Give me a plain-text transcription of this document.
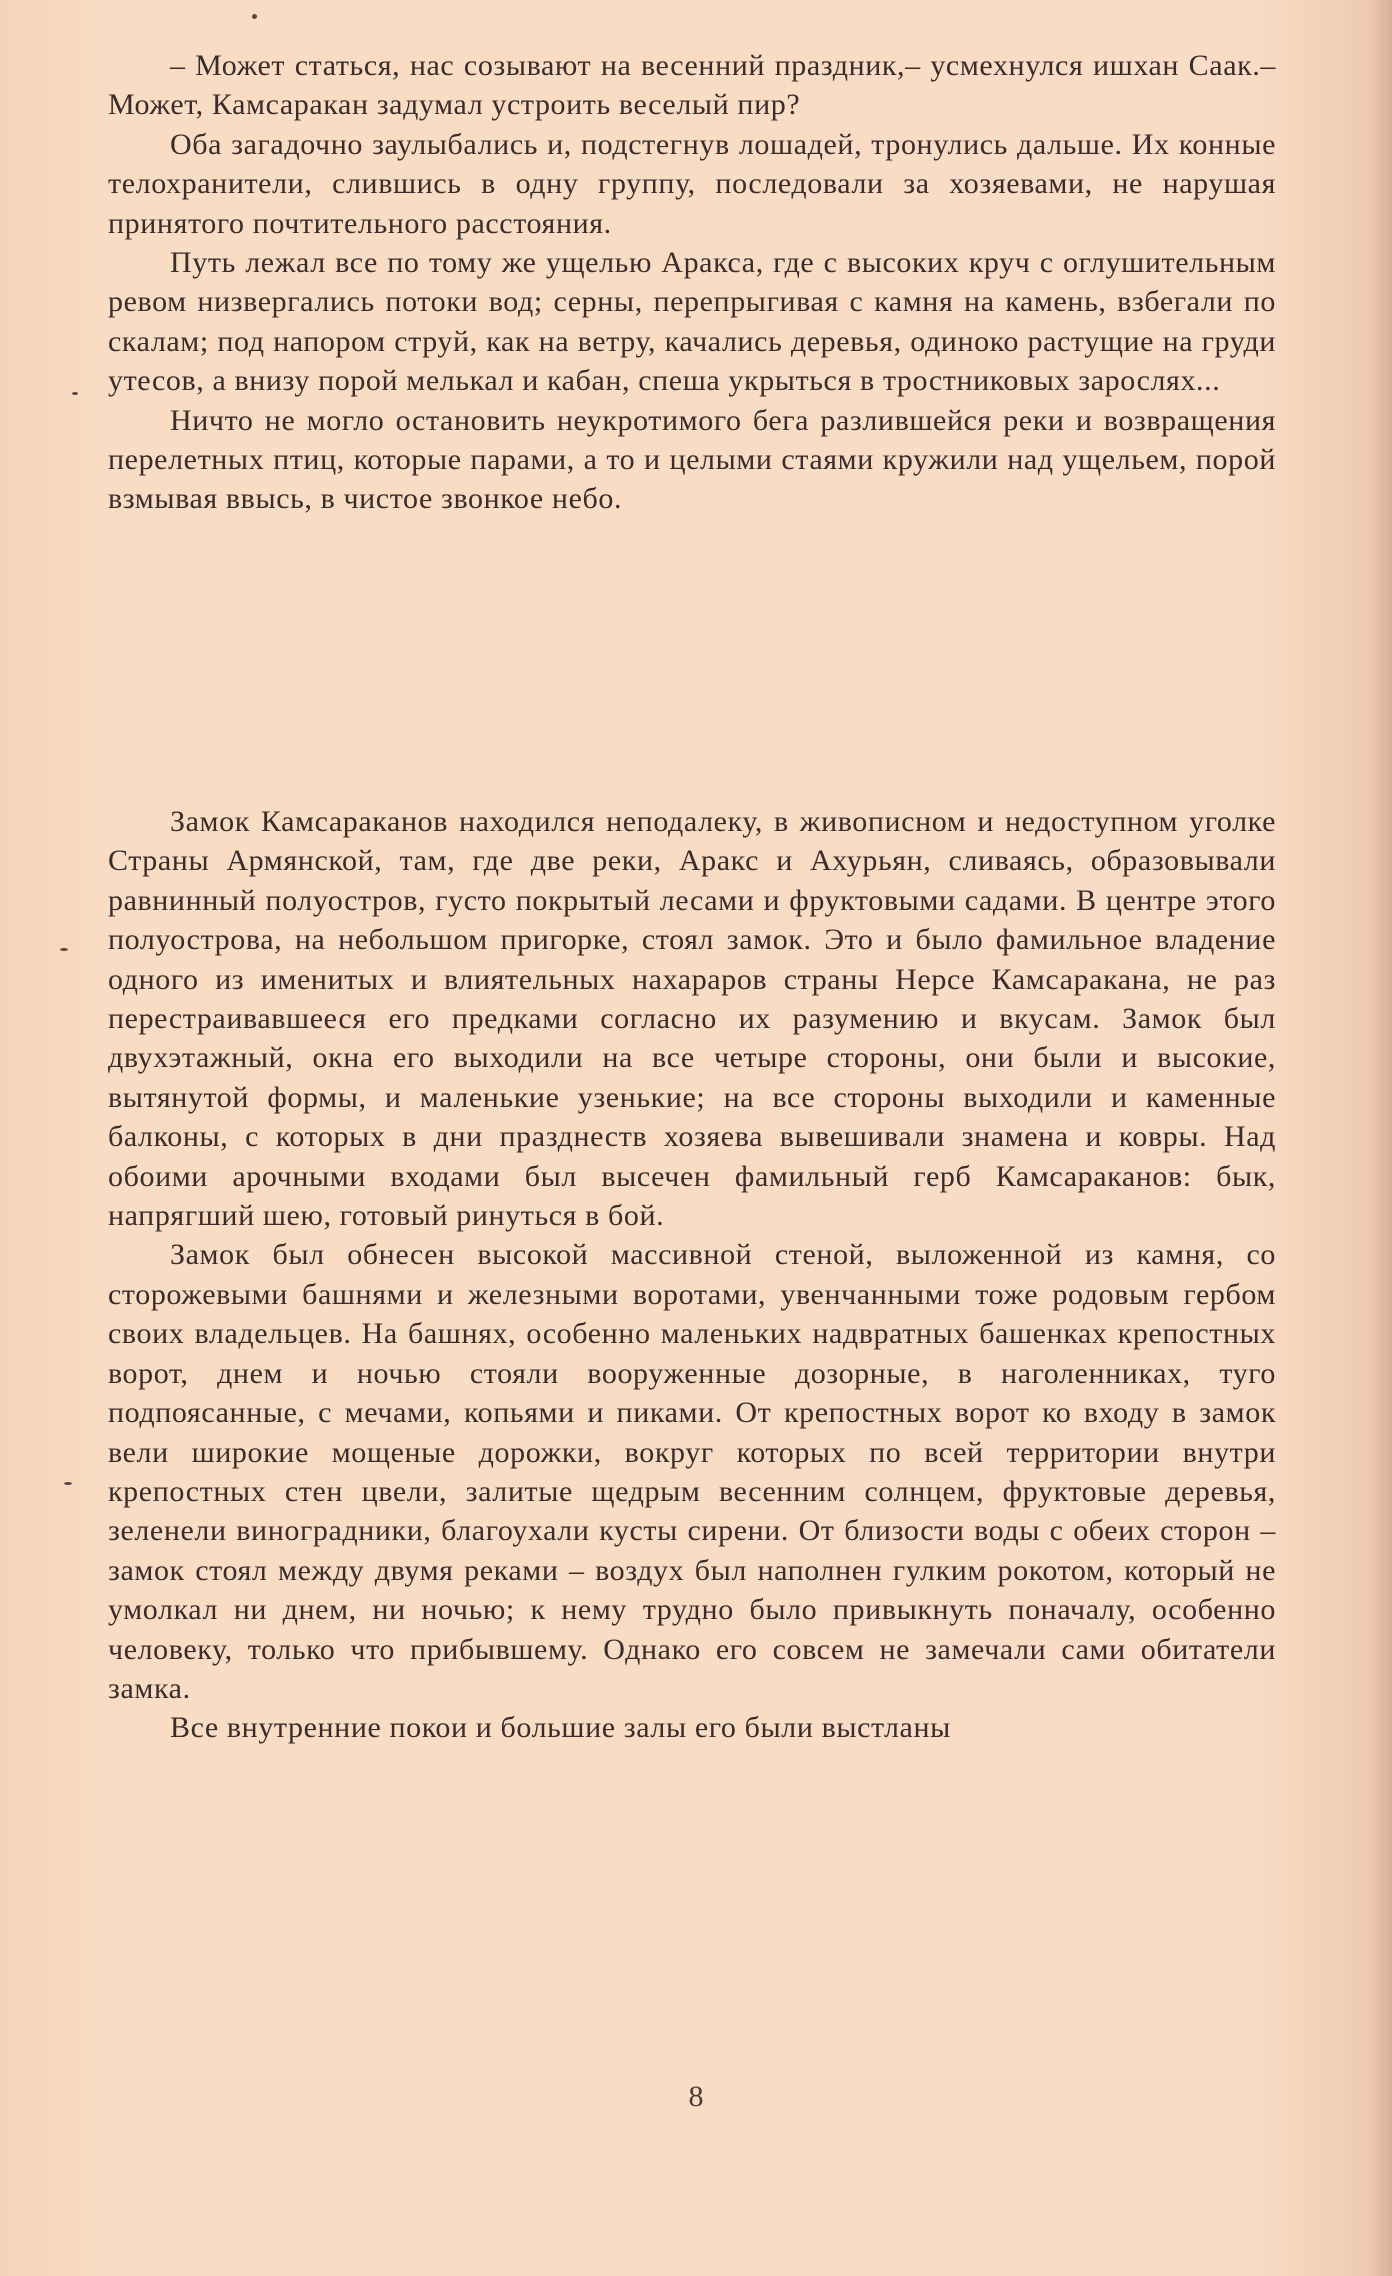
– Может статься, нас созывают на весенний праздник,– усмехнулся ишхан Саак.– Может, Камсаракан задумал устроить веселый пир?

Оба загадочно заулыбались и, подстегнув лошадей, тронулись дальше. Их конные телохранители, слившись в одну группу, последовали за хозяевами, не нарушая принятого почтительного расстояния.

Путь лежал все по тому же ущелью Аракса, где с высоких круч с оглушительным ревом низвергались потоки вод; серны, перепрыгивая с камня на камень, взбегали по скалам; под напором струй, как на ветру, качались деревья, одиноко растущие на груди утесов, а внизу порой мелькал и кабан, спеша укрыться в тростниковых зарослях...

Ничто не могло остановить неукротимого бега разлившейся реки и возвращения перелетных птиц, которые парами, а то и целыми стаями кружили над ущельем, порой взмывая ввысь, в чистое звонкое небо.

Замок Камсараканов находился неподалеку, в живописном и недоступном уголке Страны Армянской, там, где две реки, Аракс и Ахурьян, сливаясь, образовывали равнинный полуостров, густо покрытый лесами и фруктовыми садами. В центре этого полуострова, на небольшом пригорке, стоял замок. Это и было фамильное владение одного из именитых и влиятельных нахараров страны Нерсе Камсаракана, не раз перестраивавшееся его предками согласно их разумению и вкусам. Замок был двухэтажный, окна его выходили на все четыре стороны, они были и высокие, вытянутой формы, и маленькие узенькие; на все стороны выходили и каменные балконы, с которых в дни празднеств хозяева вывешивали знамена и ковры. Над обоими арочными входами был высечен фамильный герб Камсараканов: бык, напрягший шею, готовый ринуться в бой.

Замок был обнесен высокой массивной стеной, выложенной из камня, со сторожевыми башнями и железными воротами, увенчанными тоже родовым гербом своих владельцев. На башнях, особенно маленьких надвратных башенках крепостных ворот, днем и ночью стояли вооруженные дозорные, в наголенниках, туго подпоясанные, с мечами, копьями и пиками. От крепостных ворот ко входу в замок вели широкие мощеные дорожки, вокруг которых по всей территории внутри крепостных стен цвели, залитые щедрым весенним солнцем, фруктовые деревья, зеленели виноградники, благоухали кусты сирени. От близости воды с обеих сторон – замок стоял между двумя реками – воздух был наполнен гулким рокотом, который не умолкал ни днем, ни ночью; к нему трудно было привыкнуть поначалу, особенно человеку, только что прибывшему. Однако его совсем не замечали сами обитатели замка.

Все внутренние покои и большие залы его были выстланы

8
